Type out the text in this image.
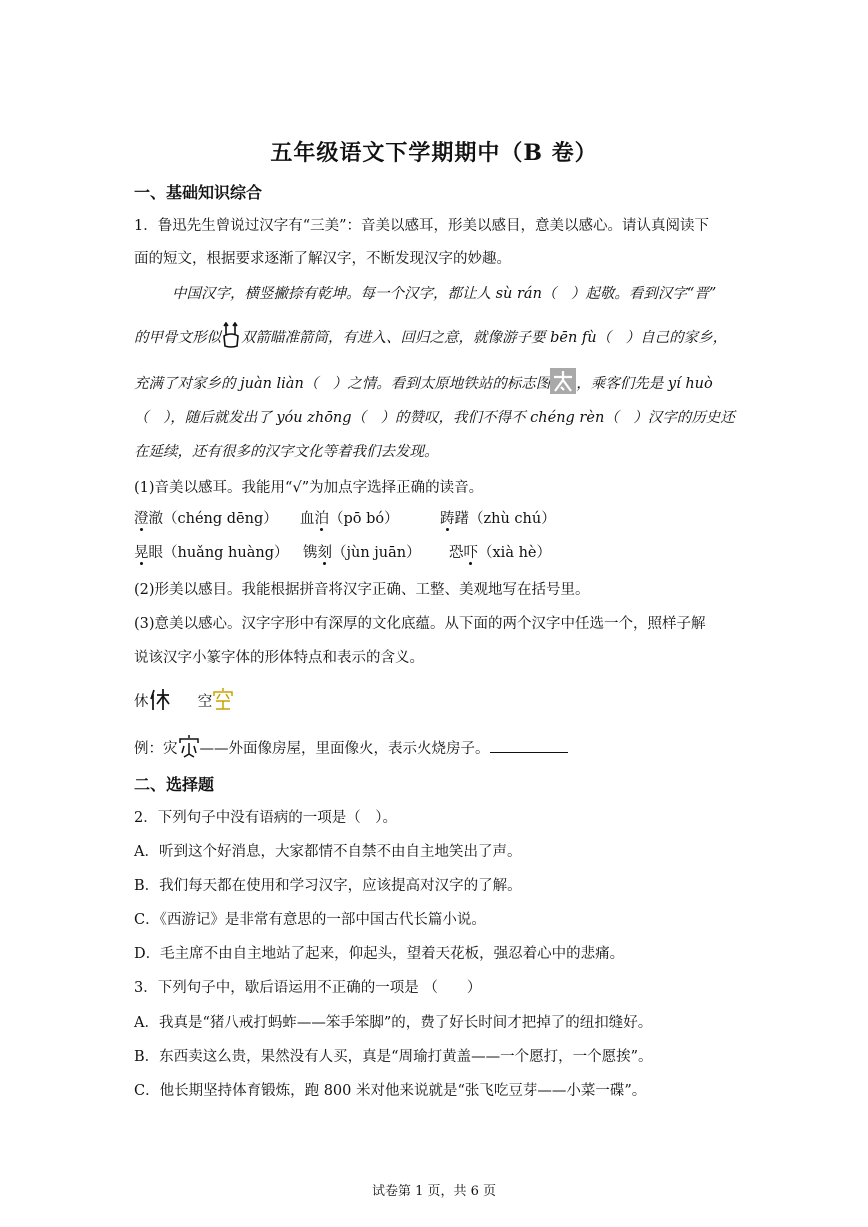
五年级语文下学期期中（B 卷）
一、基础知识综合
1．鲁迅先生曾说过汉字有“三美”：音美以感耳，形美以感目，意美以感心。请认真阅读下
面的短文，根据要求逐渐了解汉字，不断发现汉字的妙趣。
中国汉字，横竖撇捺有乾坤。每一个汉字，都让人 sù rán（　）起敬。看到汉字“晋”
的甲骨文形似 双箭瞄准箭筒，有进入、回归之意，就像游子要 bēn fù（　）自己的家乡，
充满了对家乡的 juàn liàn（　）之情。看到太原地铁站的标志图 ，乘客们先是 yí huò
（　），随后就发出了 yóu zhōng（　）的赞叹，我们不得不 chéng rèn（　）汉字的历史还
在延续，还有很多的汉字文化等着我们去发现。
(1)音美以感耳。我能用“√”为加点字选择正确的读音。
澄澈（chéng dēng） 血泊（pō bó）	踌躇（zhù chú）
晃眼（huǎng huàng） 镌刻（jùn juān） 恐吓（xià hè）
(2)形美以感目。我能根据拼音将汉字正确、工整、美观地写在括号里。
(3)意美以感心。汉字字形中有深厚的文化底蕴。从下面的两个汉字中任选一个，照样子解
说该汉字小篆字体的形体特点和表示的含义。
休	空
例：灾 ——外面像房屋，里面像火，表示火烧房子。
二、选择题
2．下列句子中没有语病的一项是（　）。
A．听到这个好消息，大家都情不自禁不由自主地笑出了声。
B．我们每天都在使用和学习汉字，应该提高对汉字的了解。
C．《西游记》是非常有意思的一部中国古代长篇小说。
D．毛主席不由自主地站了起来，仰起头，望着天花板，强忍着心中的悲痛。
3．下列句子中，歇后语运用不正确的一项是 （　　）
A．我真是“猪八戒打蚂蚱——笨手笨脚”的，费了好长时间才把掉了的纽扣缝好。
B．东西卖这么贵，果然没有人买，真是“周瑜打黄盖——一个愿打，一个愿挨”。
C．他长期坚持体育锻炼，跑 800 米对他来说就是“张飞吃豆芽——小菜一碟”。
试卷第 1 页，共 6 页
